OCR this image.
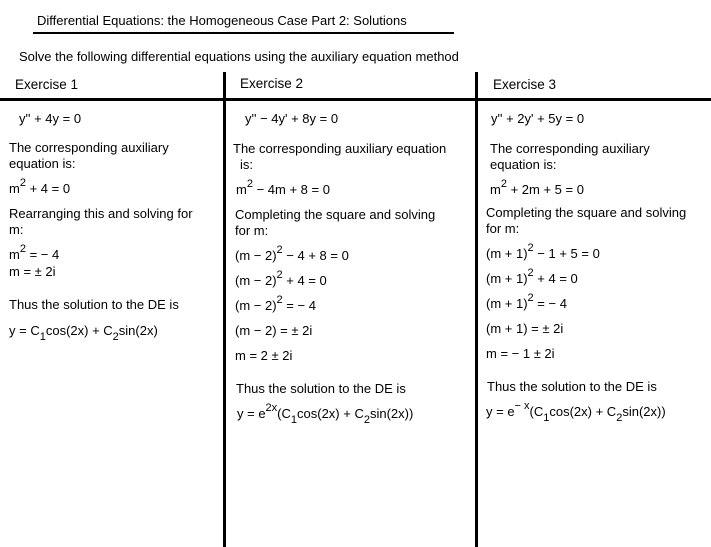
Differential Equations: the Homogeneous Case Part 2: Solutions
Solve the following differential equations using the auxiliary equation method
Exercise 1
y'' + 4y = 0
The corresponding auxiliary
equation is:
$m^2 + 4 = 0$
Rearranging this and solving for
m:
$m^2$ = − 4
m = ± 2i
Thus the solution to the DE is
$y = C_1\cos(2x) + C_2\sin(2x)$
Exercise 2
y'' − 4y' + 8y = 0
The corresponding auxiliary equation
is:
$m^2 - 4m + 8 = 0$
Completing the square and solving
for m:
$(m - 2)^2 - 4 + 8 = 0$
$(m - 2)^2 + 4 = 0$
$(m - 2)^2$ = − 4
(m − 2) = ± 2i
m = 2 ± 2i
Thus the solution to the DE is
$y = e^{2x}(C_1\cos(2x) + C_2\sin(2x))$
Exercise 3
y'' + 2y' + 5y = 0
The corresponding auxiliary
equation is:
$m^2 + 2m + 5 = 0$
Completing the square and solving
for m:
$(m + 1)^2 - 1 + 5 = 0$
$(m + 1)^2 + 4 = 0$
$(m + 1)^2$ = − 4
(m + 1) = ± 2i
m = − 1 ± 2i
Thus the solution to the DE is
$y = e^{- x}(C_1\cos(2x) + C_2\sin(2x))$
